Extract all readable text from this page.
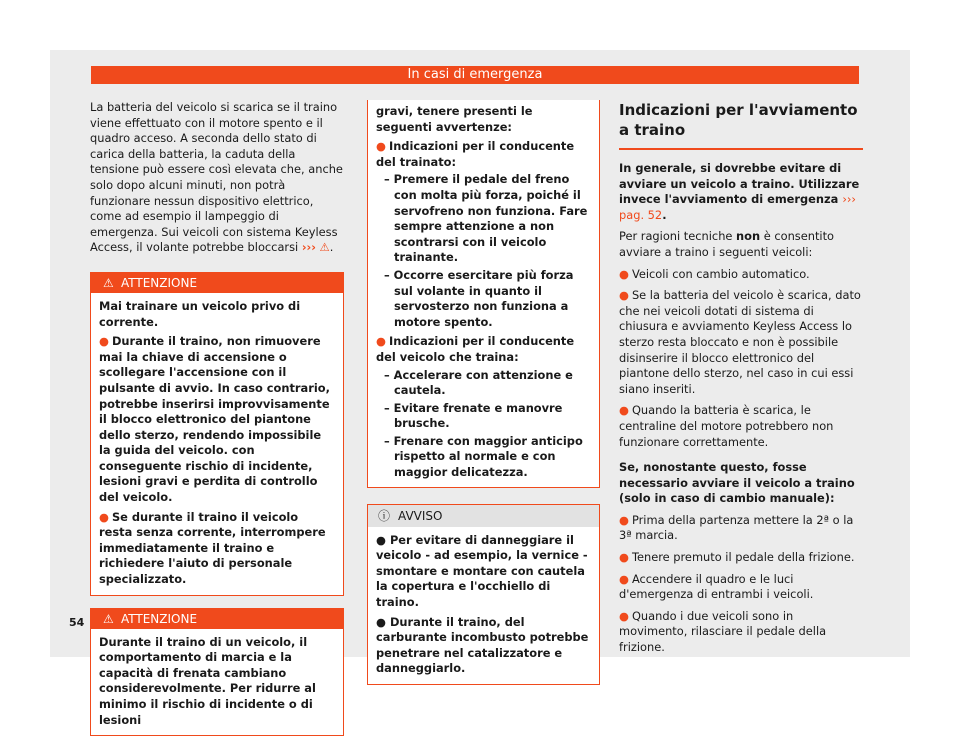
In casi di emergenza

La batteria del veicolo si scarica se il traino viene effettuato con il motore spento e il quadro acceso. A seconda dello stato di carica della batteria, la caduta della tensione può essere così elevata che, anche solo dopo alcuni minuti, non potrà funzionare nessun dispositivo elettrico, come ad esempio il lampeggio di emergenza. Sui veicoli con sistema Keyless Access, il volante potrebbe bloccarsi ››› ⚠.

⚠ ATTENZIONE

Mai trainare un veicolo privo di corrente.

● Durante il traino, non rimuovere mai la chiave di accensione o scollegare l'accensione con il pulsante di avvio. In caso contrario, potrebbe inserirsi improvvisamente il blocco elettronico del piantone dello sterzo, rendendo impossibile la guida del veicolo. con conseguente rischio di incidente, lesioni gravi e perdita di controllo del veicolo.

● Se durante il traino il veicolo resta senza corrente, interrompere immediatamente il traino e richiedere l'aiuto di personale specializzato.

⚠ ATTENZIONE

Durante il traino di un veicolo, il comportamento di marcia e la capacità di frenata cambiano considerevolmente. Per ridurre al minimo il rischio di incidente o di lesioni

gravi, tenere presenti le seguenti avvertenze:

● Indicazioni per il conducente del trainato:

– Premere il pedale del freno con molta più forza, poiché il servofreno non funziona. Fare sempre attenzione a non scontrarsi con il veicolo trainante.
– Occorre esercitare più forza sul volante in quanto il servosterzo non funziona a motore spento.

● Indicazioni per il conducente del veicolo che traina:

– Accelerare con attenzione e cautela.
– Evitare frenate e manovre brusche.
– Frenare con maggior anticipo rispetto al normale e con maggior delicatezza.
ⓘ AVVISO

● Per evitare di danneggiare il veicolo - ad esempio, la vernice - smontare e montare con cautela la copertura e l'occhiello di traino.

● Durante il traino, del carburante incombusto potrebbe penetrare nel catalizzatore e danneggiarlo.

Indicazioni per l'avviamento a traino

In generale, si dovrebbe evitare di avviare un veicolo a traino. Utilizzare invece l'avviamento di emergenza ››› pag. 52.

Per ragioni tecniche non è consentito avviare a traino i seguenti veicoli:

● Veicoli con cambio automatico.

● Se la batteria del veicolo è scarica, dato che nei veicoli dotati di sistema di chiusura e avviamento Keyless Access lo sterzo resta bloccato e non è possibile disinserire il blocco elettronico del piantone dello sterzo, nel caso in cui essi siano inseriti.

● Quando la batteria è scarica, le centraline del motore potrebbero non funzionare correttamente.

Se, nonostante questo, fosse necessario avviare il veicolo a traino (solo in caso di cambio manuale):

● Prima della partenza mettere la 2ª o la 3ª marcia.

● Tenere premuto il pedale della frizione.

● Accendere il quadro e le luci d'emergenza di entrambi i veicoli.

● Quando i due veicoli sono in movimento, rilasciare il pedale della frizione.

54
